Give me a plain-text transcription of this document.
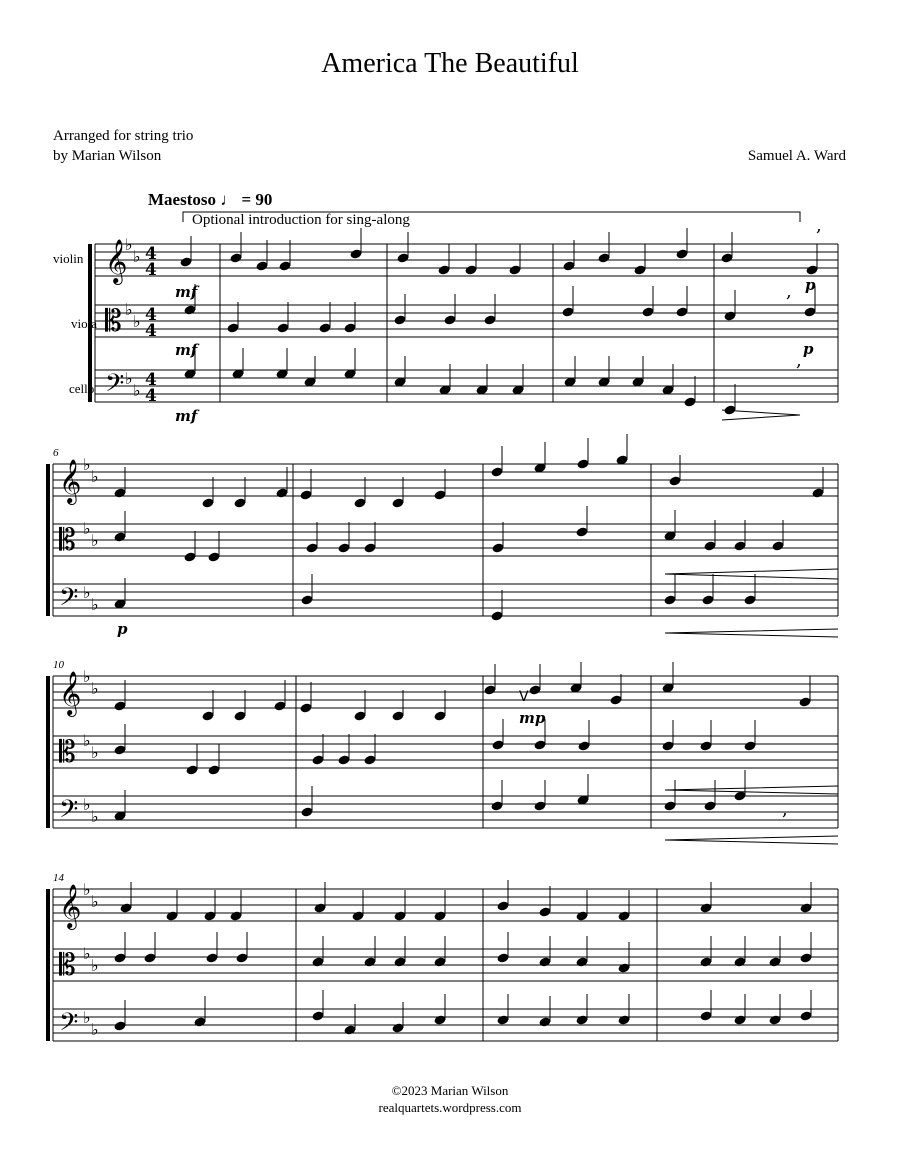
America The Beautiful
Arranged for string trio
by Marian Wilson	Samuel A. Ward
Maestoso ♩ = 90
Optional introduction for sing-along
violin
viola
cello
𝄞
♭
♭ 4
4
𝄡 ♭
♭ 4
4
𝄢 ♭
♭
4
4
𝄞 ♭
♭
𝄡 ♭
♭
𝄢 ♭
♭
𝄞 ♭
♭
𝄡 ♭
♭
𝄢 ♭
♭
𝄞 ♭
♭
𝄡 ♭
♭
𝄢 ♭
♭
6
10
14
mf
mf
mf
p
p
p
mp
,
,
,
,
V
©2023 Marian Wilson
realquartets.wordpress.com
